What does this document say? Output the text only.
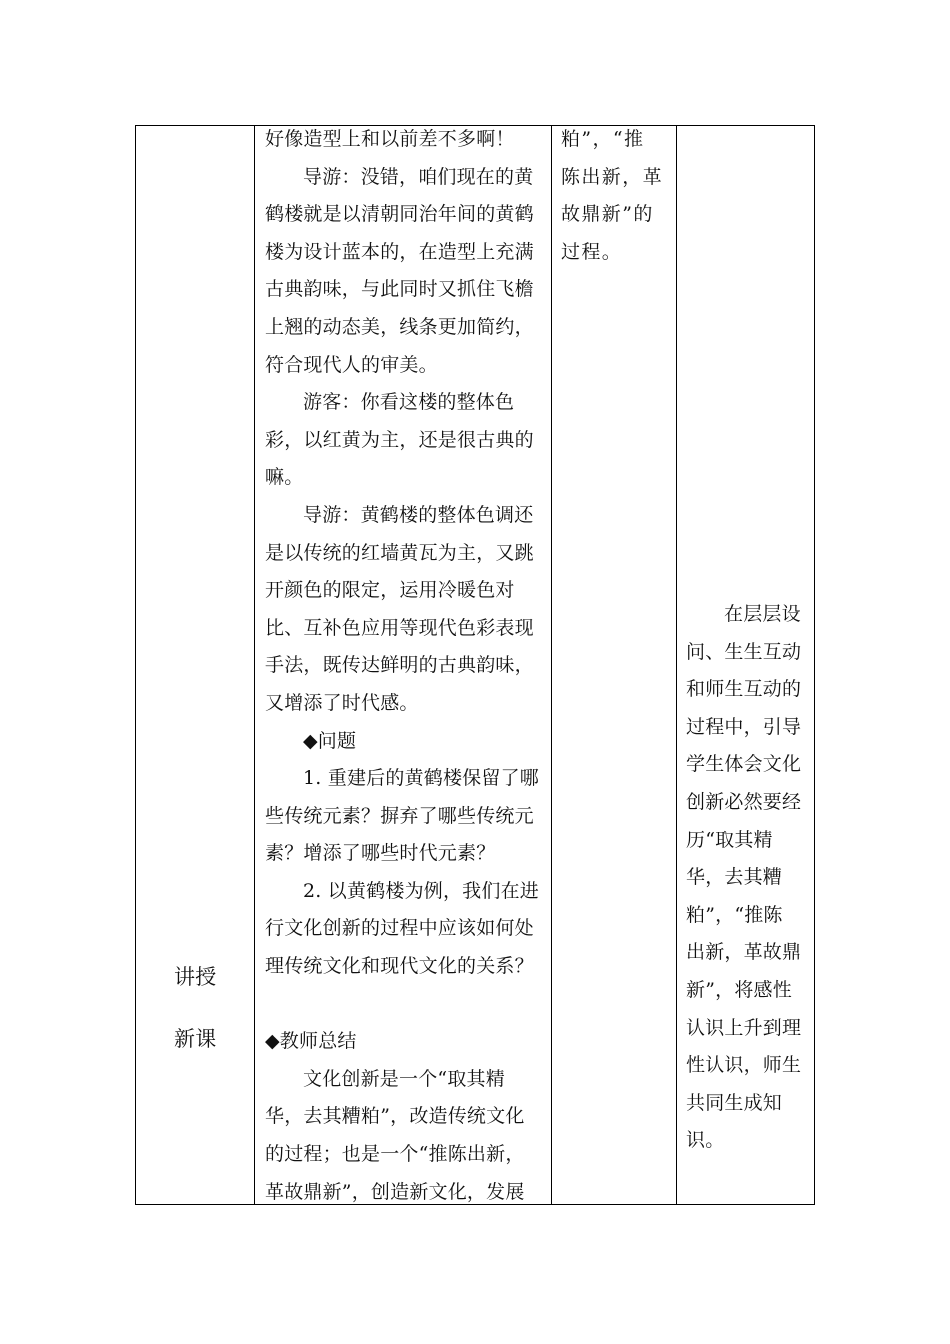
讲授
新课
好像造型上和以前差不多啊！
导游：没错，咱们现在的黄
鹤楼就是以清朝同治年间的黄鹤
楼为设计蓝本的，在造型上充满
古典韵味，与此同时又抓住飞檐
上翘的动态美，线条更加简约，
符合现代人的审美。
游客：你看这楼的整体色
彩，以红黄为主，还是很古典的
嘛。
导游：黄鹤楼的整体色调还
是以传统的红墙黄瓦为主，又跳
开颜色的限定，运用冷暖色对
比、互补色应用等现代色彩表现
手法，既传达鲜明的古典韵味，
又增添了时代感。
◆问题
1. 重建后的黄鹤楼保留了哪
些传统元素？摒弃了哪些传统元
素？增添了哪些时代元素？
2. 以黄鹤楼为例，我们在进
行文化创新的过程中应该如何处
理传统文化和现代文化的关系？
◆教师总结
文化创新是一个“取其精
华，去其糟粕”，改造传统文化
的过程；也是一个“推陈出新，
革故鼎新”，创造新文化，发展
粕”，“推
陈出新，革
故鼎新”的
过程。
在层层设
问、生生互动
和师生互动的
过程中，引导
学生体会文化
创新必然要经
历“取其精
华，去其糟
粕”，“推陈
出新，革故鼎
新”，将感性
认识上升到理
性认识，师生
共同生成知
识。
